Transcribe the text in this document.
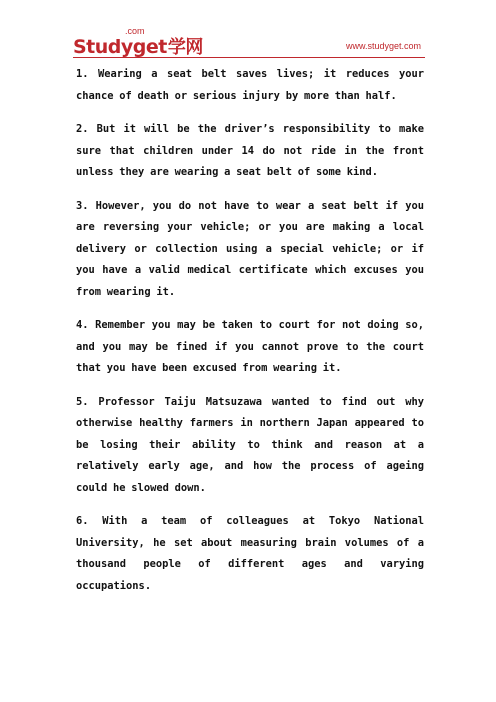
.com
Studyget学网	www.studyget.com

1. Wearing a seat belt saves lives; it reduces your chance of death or serious injury by more than half.

2. But it will be the driver’s responsibility to make sure that children under 14 do not ride in the front unless they are wearing a seat belt of some kind.

3. However, you do not have to wear a seat belt if you are reversing your vehicle; or you are making a local delivery or collection using a special vehicle; or if you have a valid medical certificate which excuses you from wearing it.

4. Remember you may be taken to court for not doing so, and you may be fined if you cannot prove to the court that you have been excused from wearing it.

5. Professor Taiju Matsuzawa wanted to find out why otherwise healthy farmers in northern Japan appeared to be losing their ability to think and reason at a relatively early age, and how the process of ageing could he slowed down.

6. With a team of colleagues at Tokyo National University, he set about measuring brain volumes of a thousand people of different ages and varying occupations.
